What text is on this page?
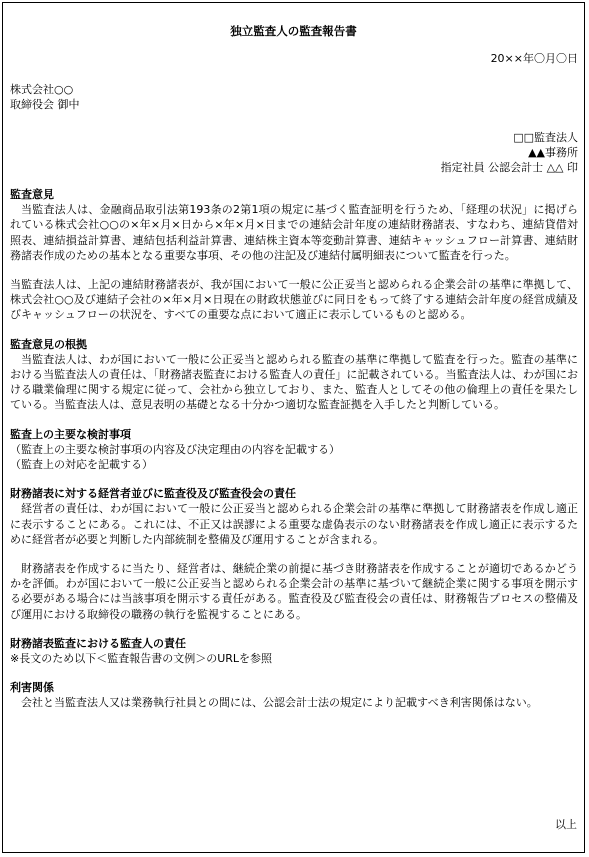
独立監査人の監査報告書
20××年〇月〇日
株式会社○○
取締役会 御中
□□監査法人
▲▲事務所
指定社員 公認会計士 △△ 印
監査意見
当監査法人は、金融商品取引法第193条の2第1項の規定に基づく監査証明を行うため、「経理の状況」に掲げられている株式会社○○の×年×月×日から×年×月×日までの連結会計年度の連結財務諸表、すなわち、連結貸借対照表、連結損益計算書、連結包括利益計算書、連結株主資本等変動計算書、連結キャッシュフロー計算書、連結財務諸表作成のための基本となる重要な事項、その他の注記及び連結付属明細表について監査を行った。
当監査法人は、上記の連結財務諸表が、我が国において一般に公正妥当と認められる企業会計の基準に準拠して、株式会社○○及び連結子会社の×年×月×日現在の財政状態並びに同日をもって終了する連結会計年度の経営成績及びキャッシュフローの状況を、すべての重要な点において適正に表示しているものと認める。
監査意見の根拠
当監査法人は、わが国において一般に公正妥当と認められる監査の基準に準拠して監査を行った。監査の基準における当監査法人の責任は、「財務諸表監査における監査人の責任」に記載されている。当監査法人は、わが国における職業倫理に関する規定に従って、会社から独立しており、また、監査人としてその他の倫理上の責任を果たしている。当監査法人は、意見表明の基礎となる十分かつ適切な監査証拠を入手したと判断している。
監査上の主要な検討事項
（監査上の主要な検討事項の内容及び決定理由の内容を記載する）
（監査上の対応を記載する）
財務諸表に対する経営者並びに監査役及び監査役会の責任
経営者の責任は、わが国において一般に公正妥当と認められる企業会計の基準に準拠して財務諸表を作成し適正に表示することにある。これには、不正又は誤謬による重要な虚偽表示のない財務諸表を作成し適正に表示するために経営者が必要と判断した内部統制を整備及び運用することが含まれる。
財務諸表を作成するに当たり、経営者は、継続企業の前提に基づき財務諸表を作成することが適切であるかどうかを評価。わが国において一般に公正妥当と認められる企業会計の基準に基づいて継続企業に関する事項を開示する必要がある場合には当該事項を開示する責任がある。監査役及び監査役会の責任は、財務報告プロセスの整備及び運用における取締役の職務の執行を監視することにある。
財務諸表監査における監査人の責任
※長文のため以下＜監査報告書の文例＞のURLを参照
利害関係
会社と当監査法人又は業務執行社員との間には、公認会計士法の規定により記載すべき利害関係はない。
以上
